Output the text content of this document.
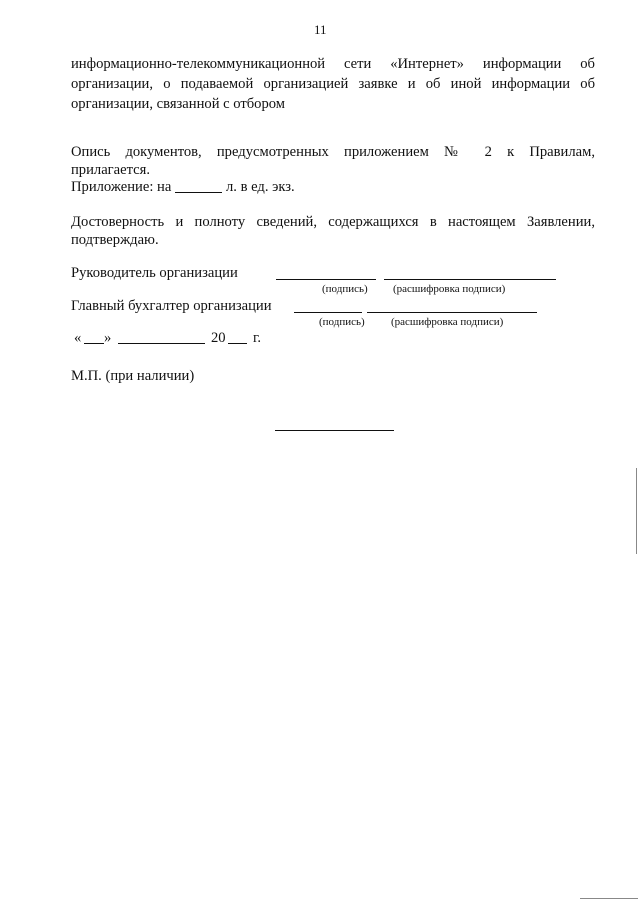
11
информационно-телекоммуникационной сети «Интернет» информации об
организации, о подаваемой организацией заявке и об иной информации об
организации, связанной с отбором
Опись документов, предусмотренных приложением № 2 к Правилам,
прилагается.
Приложение: на	л. в ед. экз.
Достоверность и полноту сведений, содержащихся в настоящем Заявлении,
подтверждаю.
Руководитель организации
(подпись) (расшифровка подписи)
Главный бухгалтер организации
(подпись) (расшифровка подписи)
« »	20 г.
М.П. (при наличии)
